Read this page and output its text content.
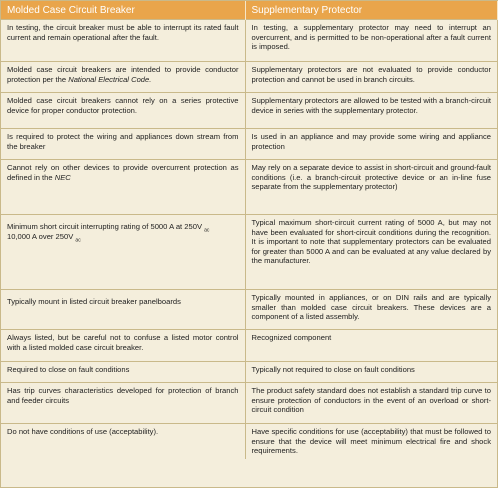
Molded Case Circuit Breaker	Supplementary Protector
In testing, the circuit breaker must be able to interrupt its rated fault current and remain operational after the fault.	In testing, a supplementary protector may need to interrupt an overcurrent, and is permitted to be non-operational after a fault current is imposed.
Molded case circuit breakers are intended to provide conductor protection per the National Electrical Code.	Supplementary protectors are not evaluated to provide conductor protection and cannot be used in branch circuits.
Molded case circuit breakers cannot rely on a series protective device for proper conductor protection.	Supplementary protectors are allowed to be tested with a branch-circuit device in series with the supplementary protector.
Is required to protect the wiring and appliances down stream from the breaker	Is used in an appliance and may provide some wiring and appliance protection
Cannot rely on other devices to provide overcurrent protection as defined in the NEC	May rely on a separate device to assist in short-circuit and ground-fault conditions (i.e. a branch-circuit protective device or an in-line fuse separate from the supplementary protector)

Minimum short circuit interrupting rating of 5000 A at 250V $_{ac}$
10,000 A over 250V $_{ac}$	Typical maximum short-circuit current rating of 5000 A, but may not have been evaluated for short-circuit conditions during the recognition. It is important to note that supplementary protectors can be evaluated for greater than 5000 A and can be evaluated at any value declared by the manufacturer.

Typically mount in listed circuit breaker panelboards	Typically mounted in appliances, or on DIN rails and are typically smaller than molded case circuit breakers. These devices are a component of a listed assembly.
Always listed, but be careful not to confuse a listed motor control with a listed molded case circuit breaker.	Recognized component
Required to close on fault conditions	Typically not required to close on fault conditions
Has trip curves characteristics developed for protection of branch and feeder circuits	The product safety standard does not establish a standard trip curve to ensure protection of conductors in the event of an overload or short-circuit condition
Do not have conditions of use (acceptability).	Have specific conditions for use (acceptability) that must be followed to ensure that the device will meet minimum electrical fire and shock requirements.
